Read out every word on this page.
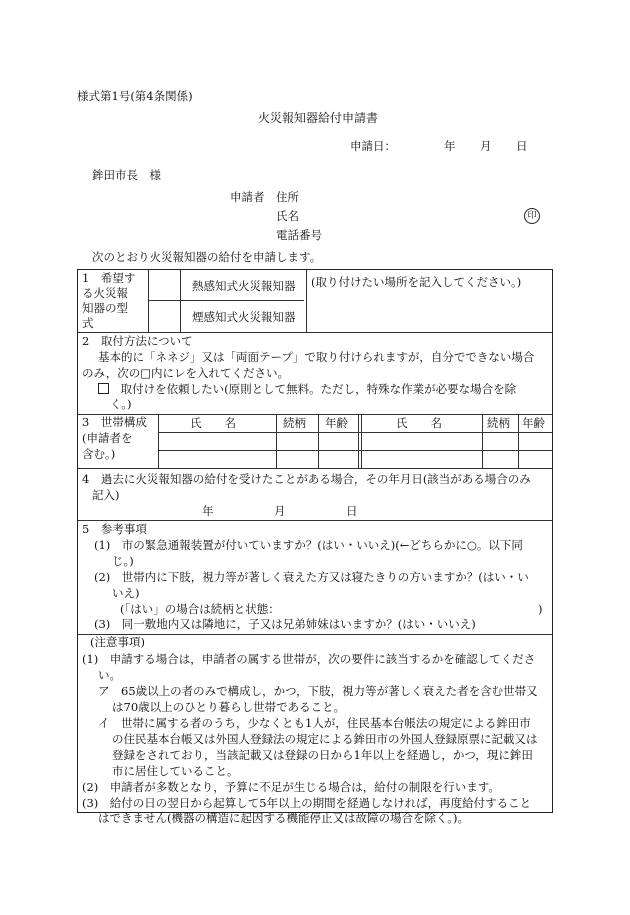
様式第1号(第4条関係)
火災報知器給付申請書
申請日：	年 月 日
鉾田市長　様
申請者 住所
氏名	印
電話番号
次のとおり火災報知器の給付を申請します。
1　希望す
る火災報
知器の型
式
熱感知式火災報知器
煙感知式火災報知器
(取り付けたい場所を記入してください。)
2　取付方法について
基本的に「ネネジ」又は「両面テープ」で取り付けられますが，自分でできない場合
のみ，次の□内にレを入れてください。
取付けを依頼したい(原則として無料。ただし，特殊な作業が必要な場合を除
く。)
3　世帯構成
(申請者を
含む。)
氏　　名	続柄 年齢	氏　　名	続柄 年齢
4　過去に火災報知器の給付を受けたことがある場合，その年月日(該当がある場合のみ
記入)
年	月	日
5　参考事項
(1)　市の緊急通報装置が付いていますか？(はい・いいえ)(←どちらかに○。以下同
じ。)
(2)　世帯内に下肢，視力等が著しく衰えた方又は寝たきりの方いますか？(はい・い
いえ)
(「はい」の場合は続柄と状態：	)
(3)　同一敷地内又は隣地に，子又は兄弟姉妹はいますか？(はい・いいえ)
(注意事項)
(1)　申請する場合は，申請者の属する世帯が，次の要件に該当するかを確認してくださ
い。
ア　65歳以上の者のみで構成し，かつ，下肢，視力等が著しく衰えた者を含む世帯又
は70歳以上のひとり暮らし世帯であること。
イ　世帯に属する者のうち，少なくとも1人が，住民基本台帳法の規定による鉾田市
の住民基本台帳又は外国人登録法の規定による鉾田市の外国人登録原票に記載又は
登録をされており，当該記載又は登録の日から1年以上を経過し，かつ，現に鉾田
市に居住していること。
(2)　申請者が多数となり，予算に不足が生じる場合は，給付の制限を行います。
(3)　給付の日の翌日から起算して5年以上の期間を経過しなければ，再度給付すること
はできません(機器の構造に起因する機能停止又は故障の場合を除く。)。
